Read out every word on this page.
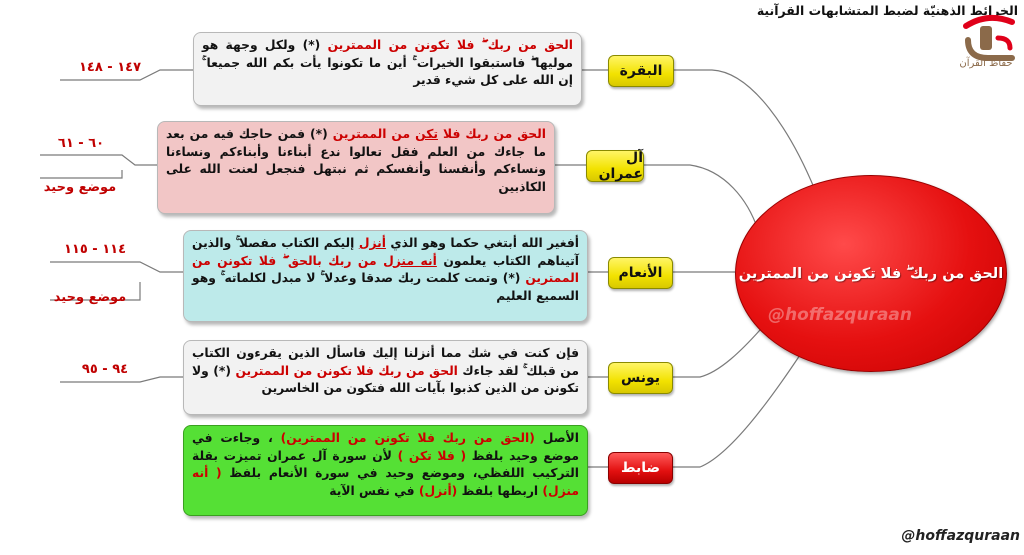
الخرائط الذهنيّة لضبط المتشابهات القرآنية
حفاظ القرآن
الحق من ربك ۖ فلا تكونن من الممترين
@hoffazquraan
البقرة
آل عمران
الأنعام
يونس
ضابط

الحق من ربك ۖ فلا تكونن من الممترين (*) ولكل وجهة هو موليها ۖ فاستبقوا الخيرات ۚ أين ما تكونوا يأت بكم الله جميعا ۚ إن الله على كل شيء قدير

الحق من ربك فلا تكن من الممترين (*) فمن حاجك فيه من بعد ما جاءك من العلم فقل تعالوا ندع أبناءنا وأبناءكم ونساءنا ونساءكم وأنفسنا وأنفسكم ثم نبتهل فنجعل لعنت الله على الكاذبين

أفغير الله أبتغي حكما وهو الذي أنزل إليكم الكتاب مفصلا ۚ والذين آتيناهم الكتاب يعلمون أنه منزل من ربك بالحق ۖ فلا تكونن من الممترين (*) وتمت كلمت ربك صدقا وعدلا ۚ لا مبدل لكلماته ۚ وهو السميع العليم

فإن كنت في شك مما أنزلنا إليك فاسأل الذين يقرءون الكتاب من قبلك ۚ لقد جاءك الحق من ربك فلا تكونن من الممترين (*) ولا تكونن من الذين كذبوا بآيات الله فتكون من الخاسرين

الأصل (الحق من ربك فلا تكونن من الممترين) ، وجاءت في موضع وحيد بلفظ ( فلا تكن ) لأن سورة آل عمران تميزت بقلة التركيب اللفظي، وموضع وحيد في سورة الأنعام بلفظ ( أنه منزل) اربطها بلفظ (أنزل) في نفس الآية

١٤٧ - ١٤٨
٦٠ - ٦١
موضع وحيد
١١٤ - ١١٥
موضع وحيد
٩٤ - ٩٥
@hoffazquraan
